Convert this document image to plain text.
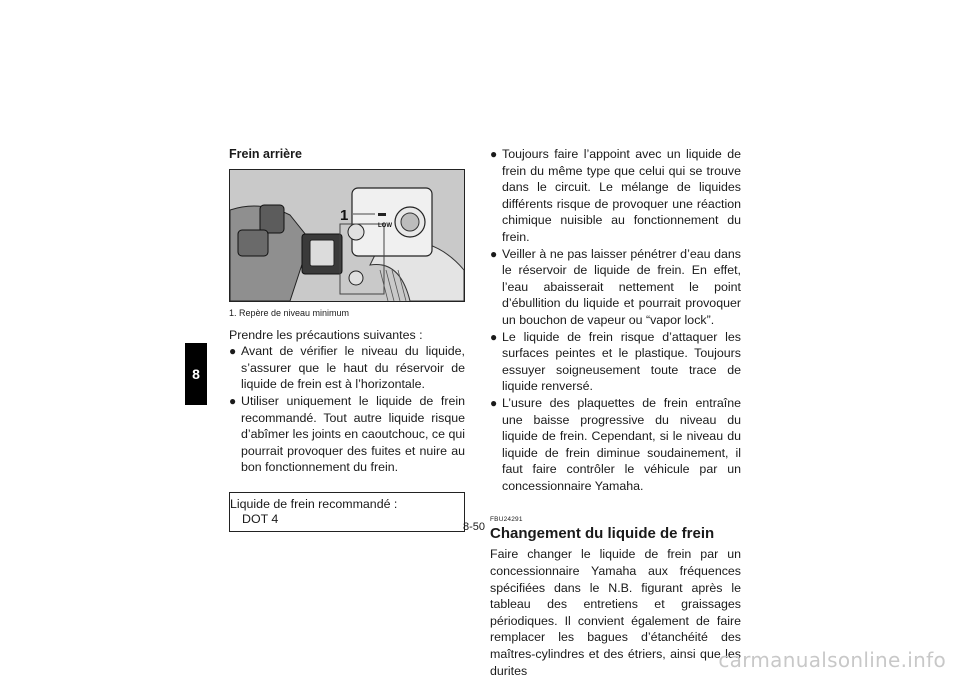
8
Frein arrière
1
LOW
1. Repère de niveau minimum

Prendre les précautions suivantes :

● Avant de vérifier le niveau du liquide, s’assurer que le haut du réservoir de liquide de frein est à l’horizontale.
● Utiliser uniquement le liquide de frein recommandé. Tout autre liquide risque d’abîmer les joints en caoutchouc, ce qui pourrait provoquer des fuites et nuire au bon fonctionnement du frein.
Liquide de frein recommandé :
DOT 4
● Toujours faire l’appoint avec un liquide de frein du même type que celui qui se trouve dans le circuit. Le mélange de liquides différents risque de provoquer une réaction chimique nuisible au fonctionnement du frein.
● Veiller à ne pas laisser pénétrer d’eau dans le réservoir de liquide de frein. En effet, l’eau abaisserait nettement le point d’ébullition du liquide et pourrait provoquer un bouchon de vapeur ou “vapor lock”.
● Le liquide de frein risque d’attaquer les surfaces peintes et le plastique. Toujours essuyer soigneusement toute trace de liquide renversé.
● L’usure des plaquettes de frein entraîne une baisse progressive du niveau du liquide de frein. Cependant, si le niveau du liquide de frein diminue soudainement, il faut faire contrôler le véhicule par un concessionnaire Yamaha.
FBU24291
Changement du liquide de frein

Faire changer le liquide de frein par un concessionnaire Yamaha aux fréquences spécifiées dans le N.B. figurant après le tableau des entretiens et graissages périodiques. Il convient également de faire remplacer les bagues d’étanchéité des maîtres-cylindres et des étriers, ainsi que les durites

8-50
carmanualsonline.info
